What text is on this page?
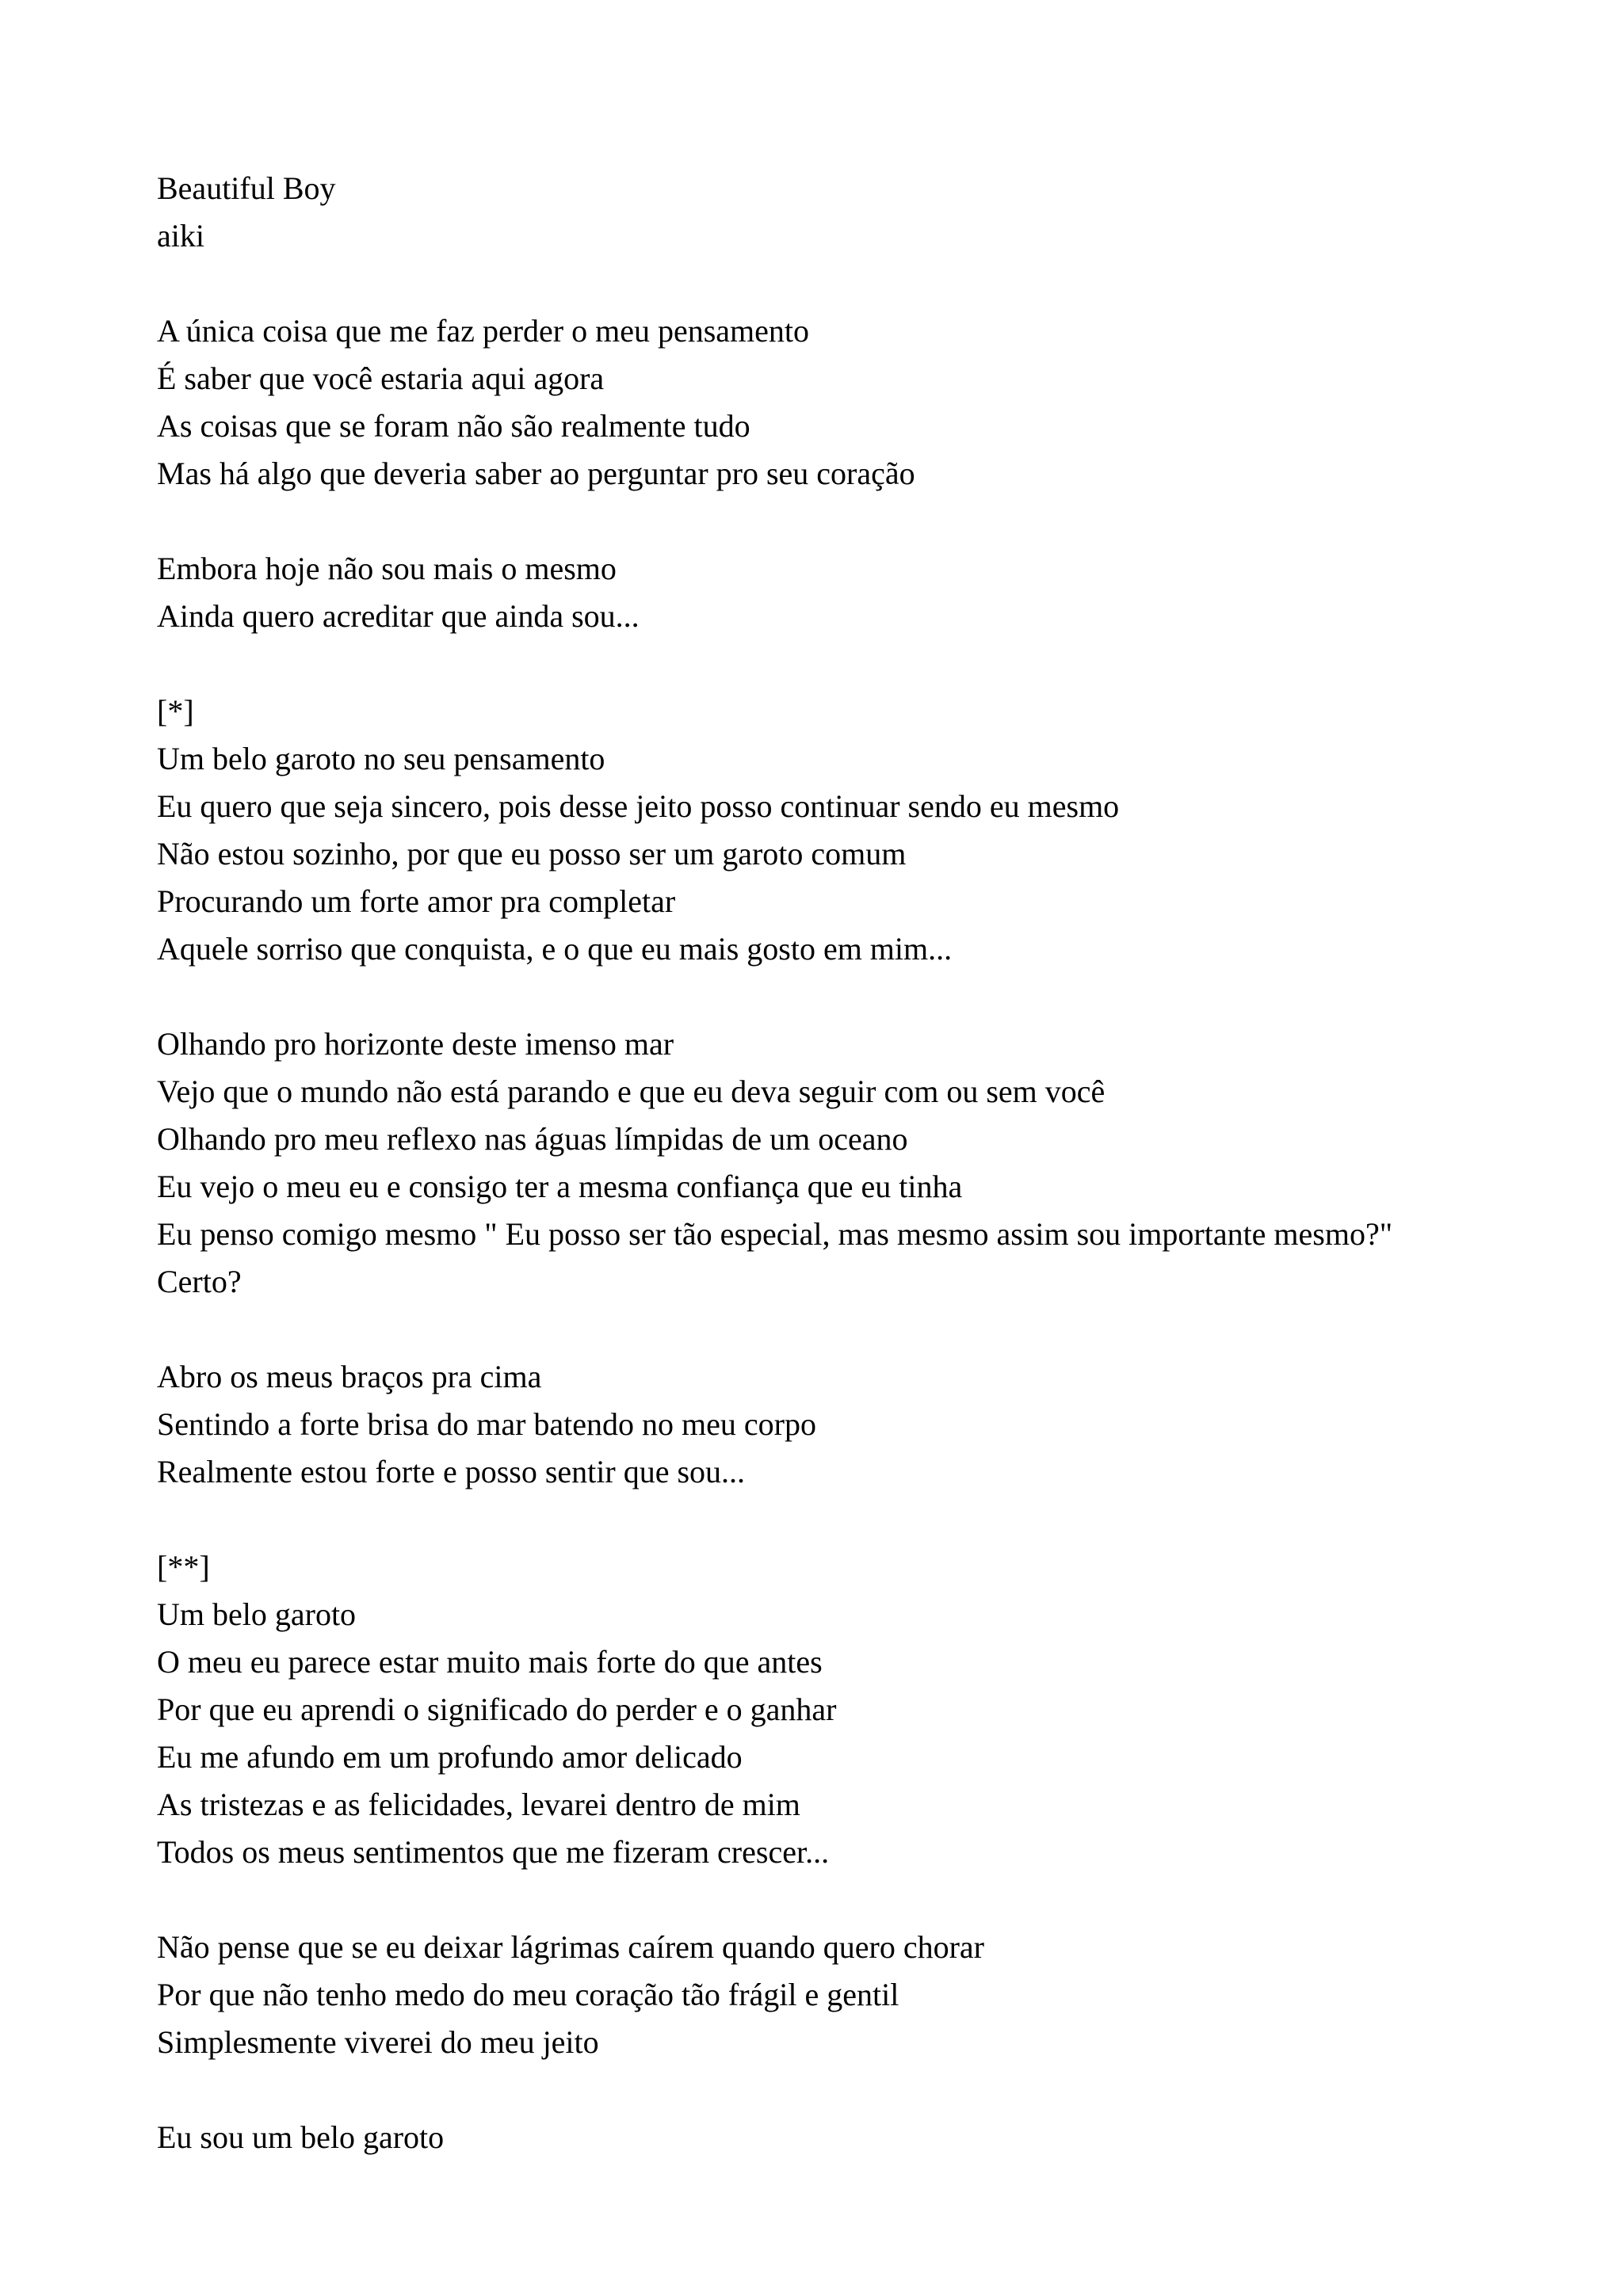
Beautiful Boy
aiki
A única coisa que me faz perder o meu pensamento
É saber que você estaria aqui agora
As coisas que se foram não são realmente tudo
Mas há algo que deveria saber ao perguntar pro seu coração
Embora hoje não sou mais o mesmo
Ainda quero acreditar que ainda sou...
[*]
Um belo garoto no seu pensamento
Eu quero que seja sincero, pois desse jeito posso continuar sendo eu mesmo
Não estou sozinho, por que eu posso ser um garoto comum
Procurando um forte amor pra completar
Aquele sorriso que conquista, e o que eu mais gosto em mim...
Olhando pro horizonte deste imenso mar
Vejo que o mundo não está parando e que eu deva seguir com ou sem você
Olhando pro meu reflexo nas águas límpidas de um oceano
Eu vejo o meu eu e consigo ter a mesma confiança que eu tinha
Eu penso comigo mesmo " Eu posso ser tão especial, mas mesmo assim sou importante mesmo?"
Certo?
Abro os meus braços pra cima
Sentindo a forte brisa do mar batendo no meu corpo
Realmente estou forte e posso sentir que sou...
[**]
Um belo garoto
O meu eu parece estar muito mais forte do que antes
Por que eu aprendi o significado do perder e o ganhar
Eu me afundo em um profundo amor delicado
As tristezas e as felicidades, levarei dentro de mim
Todos os meus sentimentos que me fizeram crescer...
Não pense que se eu deixar lágrimas caírem quando quero chorar
Por que não tenho medo do meu coração tão frágil e gentil
Simplesmente viverei do meu jeito
Eu sou um belo garoto
